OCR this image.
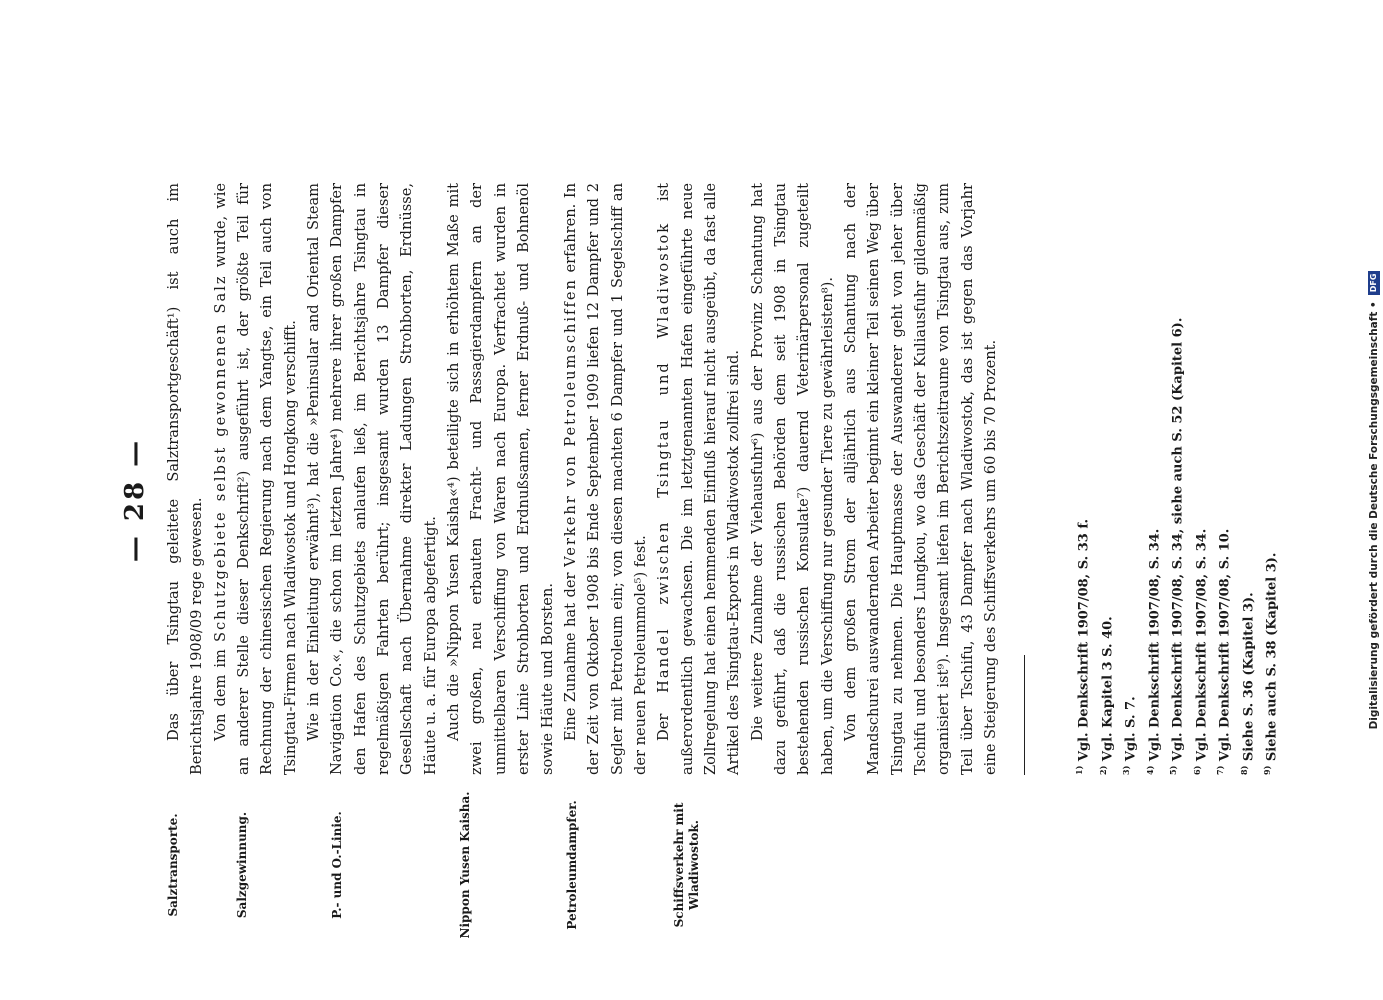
— 28 —
Salztransporte.	Salzgewinnung.	P.- und O.-Linie.	Nippon Yusen Kaisha.	Petroleumdampfer.	Schiffsverkehr mit Wladiwostok.

Das über Tsingtau geleitete Salztransportgeschäft¹) ist auch im Berichtsjahre 1908/09 rege gewesen. Von dem im Schutzgebiete selbst gewonnenen Salz wurde, wie an anderer Stelle dieser Denkschrift²) ausgeführt ist, der größte Teil für Rechnung der chinesischen Regierung nach dem Yangtse, ein Teil auch von Tsingtau-Firmen nach Wladiwostok und Hongkong verschifft. Wie in der Einleitung erwähnt³), hat die »Peninsular and Oriental Steam Navigation Co.«, die schon im letzten Jahre⁴) mehrere ihrer großen Dampfer den Hafen des Schutzgebiets anlaufen ließ, im Berichtsjahre Tsingtau in regelmäßigen Fahrten berührt; insgesamt wurden 13 Dampfer dieser Gesellschaft nach Übernahme direkter Ladungen Strohborten, Erdnüsse, Häute u. a. für Europa abgefertigt. Auch die »Nippon Yusen Kaisha«⁴) beteiligte sich in erhöhtem Maße mit zwei großen, neu erbauten Fracht- und Passagierdampfern an der unmittelbaren Verschiffung von Waren nach Europa. Verfrachtet wurden in erster Linie Strohborten und Erdnußsamen, ferner Erdnuß- und Bohnenöl sowie Häute und Borsten. Eine Zunahme hat der Verkehr von Petroleumschiffen erfahren. In der Zeit von Oktober 1908 bis Ende September 1909 liefen 12 Dampfer und 2 Segler mit Petroleum ein; von diesen machten 6 Dampfer und 1 Segelschiff an der neuen Petroleummole⁵) fest. Der Handel zwischen Tsingtau und Wladiwostok ist außerordentlich gewachsen. Die im letztgenannten Hafen eingeführte neue Zollregelung hat einen hemmenden Einfluß hierauf nicht ausgeübt, da fast alle Artikel des Tsingtau-Exports in Wladiwostok zollfrei sind. Die weitere Zunahme der Viehausfuhr⁶) aus der Provinz Schantung hat dazu geführt, daß die russischen Behörden dem seit 1908 in Tsingtau bestehenden russischen Konsulate⁷) dauernd Veterinärpersonal zugeteilt haben, um die Verschiffung nur gesunder Tiere zu gewährleisten⁸). Von dem großen Strom der alljährlich aus Schantung nach der Mandschurei auswandernden Arbeiter beginnt ein kleiner Teil seinen Weg über Tsingtau zu nehmen. Die Hauptmasse der Auswanderer geht von jeher über Tschifu und besonders Lungkou, wo das Geschäft der Kuliausfuhr gildenmäßig organisiert ist⁹). Insgesamt liefen im Berichtszeitraume von Tsingtau aus, zum Teil über Tschifu, 43 Dampfer nach Wladiwostok, das ist gegen das Vorjahr eine Steigerung des Schiffsverkehrs um 60 bis 70 Prozent.	$^{1)}$ Vgl. Denkschrift 1907/08, S. 33 f.

$^{2)}$ Vgl. Kapitel 3 S. 40.

$^{3)}$ Vgl. S. 7.

$^{4)}$ Vgl. Denkschrift 1907/08, S. 34.

$^{5)}$ Vgl. Denkschrift 1907/08, S. 34, siehe auch S. 52 (Kapitel 6).

$^{6)}$ Vgl. Denkschrift 1907/08, S. 34.

$^{7)}$ Vgl. Denkschrift 1907/08, S. 10.

$^{8)}$ Siehe S. 36 (Kapitel 3).

$^{9)}$ Siehe auch S. 38 (Kapitel 3).	Digitalisierung gefördert durch die Deutsche Forschungsgemeinschaft •
DFG
